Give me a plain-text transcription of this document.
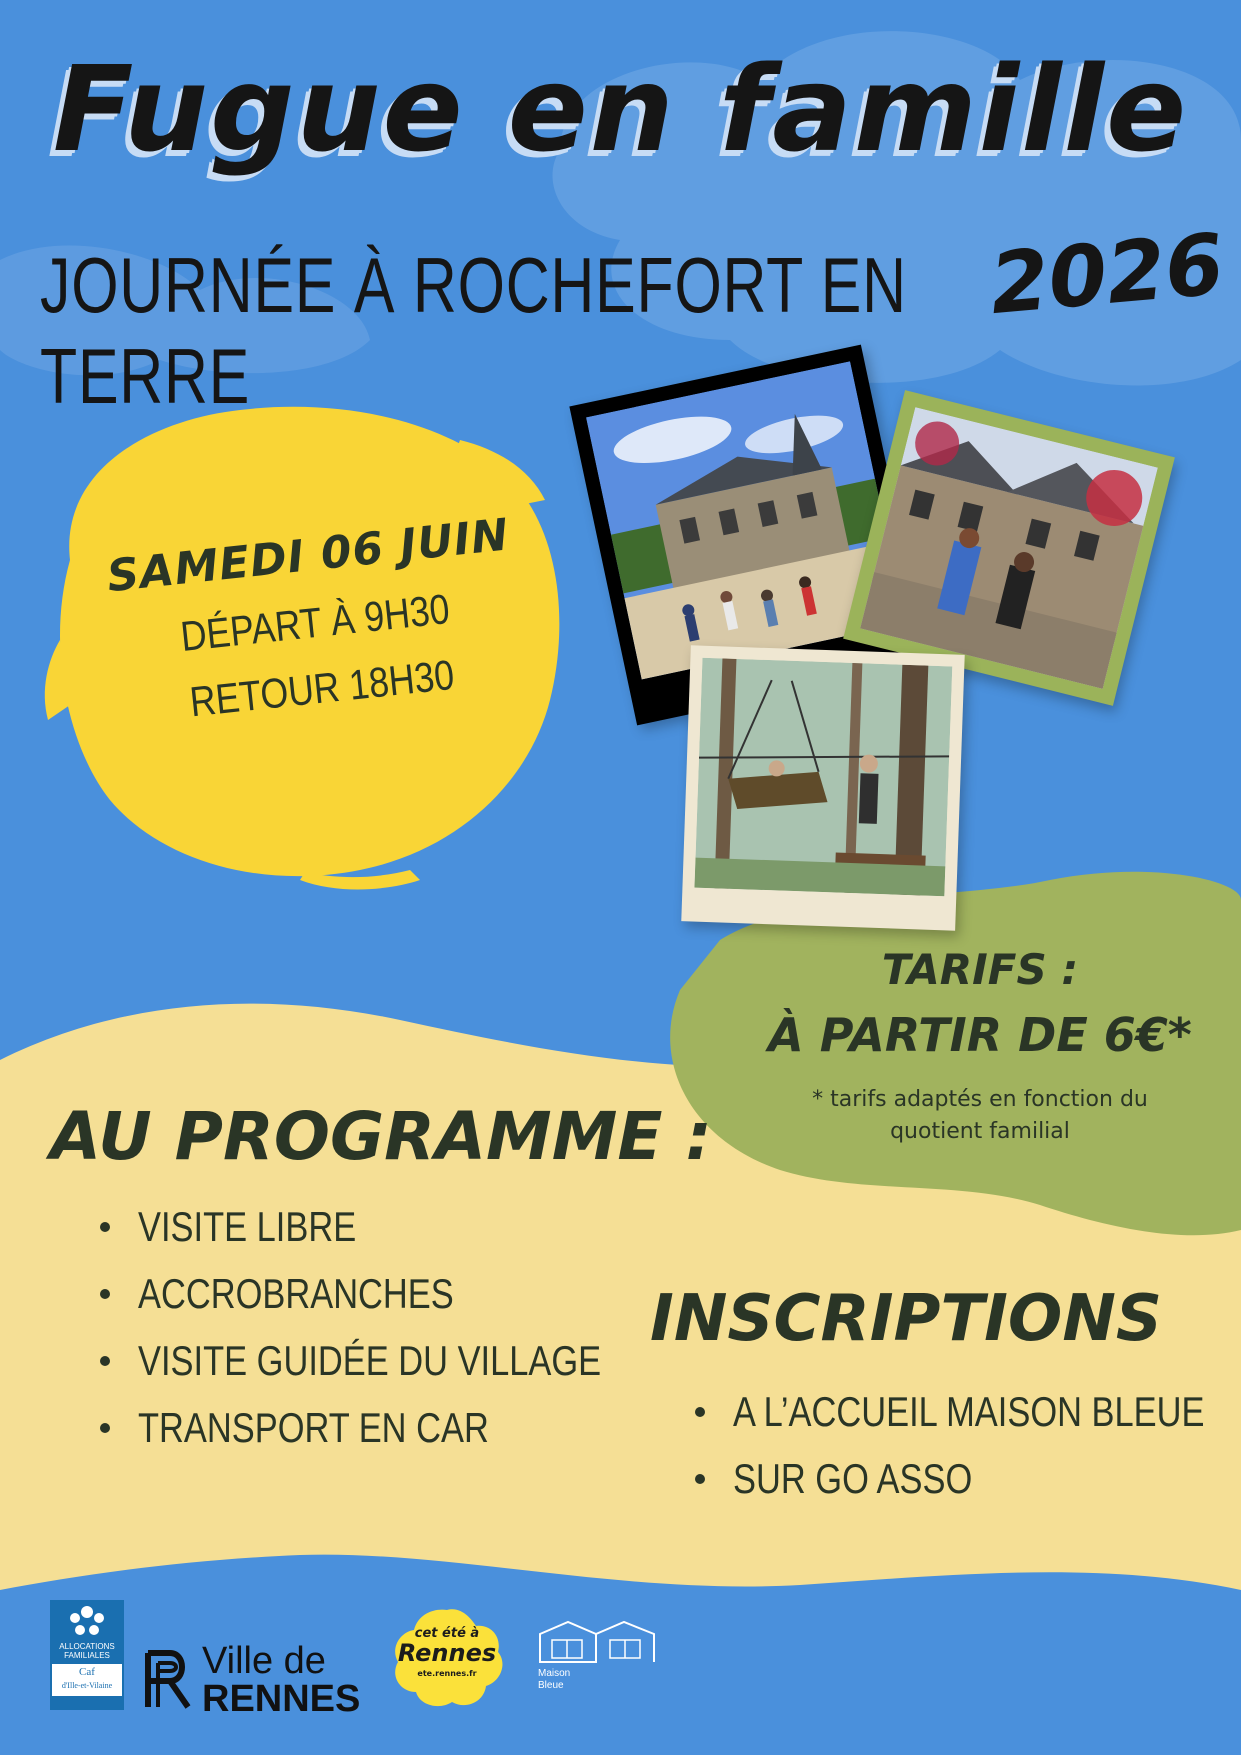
Fugue en famille
JOURNÉE À ROCHEFORT EN TERRE
2026
SAMEDI 06 JUIN
DÉPART À 9H30
RETOUR 18H30
TARIFS :
À PARTIR DE 6€*
* tarifs adaptés en fonction du quotient familial
AU PROGRAMME :
VISITE LIBRE
ACCROBRANCHES
VISITE GUIDÉE DU VILLAGE
TRANSPORT EN CAR
INSCRIPTIONS
A L’ACCUEIL MAISON BLEUE
SUR GO ASSO
ALLOCATIONS
FAMILIALES
Caf
d'Ille-et-Vilaine
Ville de
RENNES
cet été à
Rennes
ete.rennes.fr	Maison
Bleue
